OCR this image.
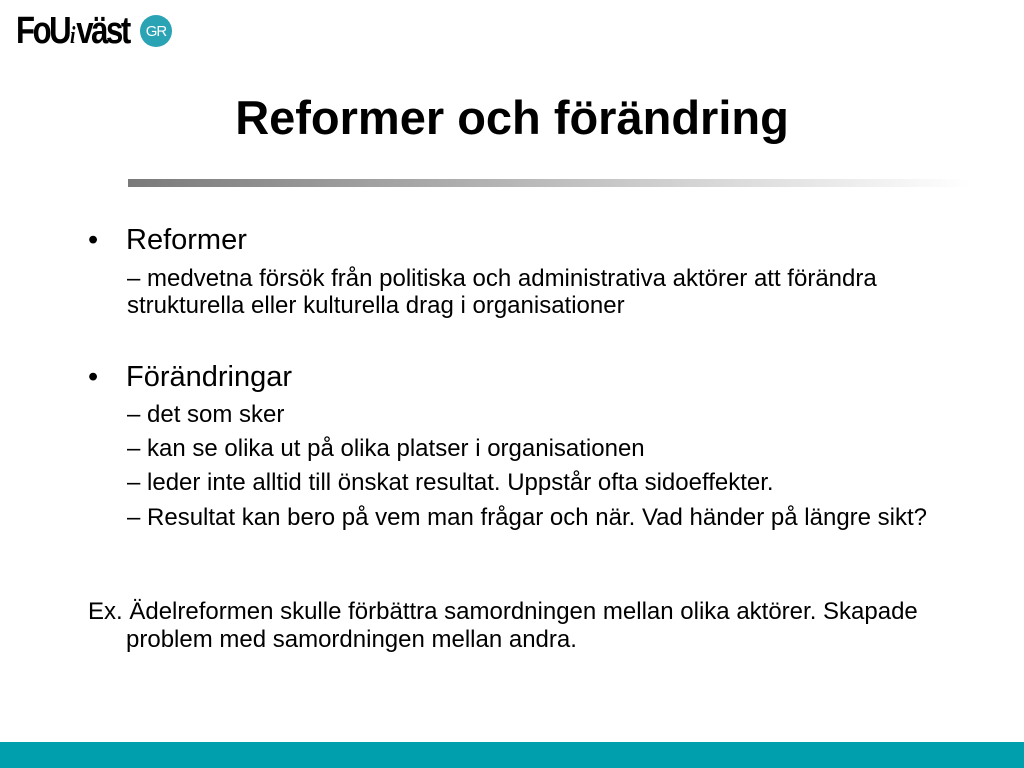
FoU i väst	GR
Reformer och förändring
• Reformer
– medvetna försök från politiska och administrativa aktörer att förändra strukturella eller kulturella drag i organisationer
• Förändringar
– det som sker
– kan se olika ut på olika platser i organisationen
– leder inte alltid till önskat resultat. Uppstår ofta sidoeffekter.
– Resultat kan bero på vem man frågar och när. Vad händer på längre sikt?
Ex. Ädelreformen skulle förbättra samordningen mellan olika aktörer. Skapade problem med samordningen mellan andra.
